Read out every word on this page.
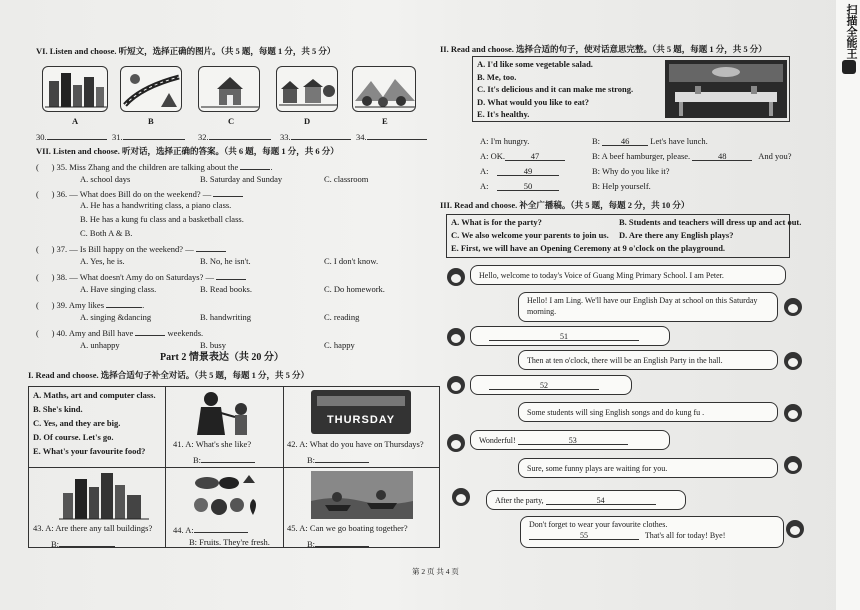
VI. Listen and choose. 听短文，选择正确的图片。（共 5 题，每题 1 分，共 5 分）
A	B	C	D	E
30.	31.	32.	33.	34.
VII. Listen and choose. 听对话，选择正确的答案。（共 6 题，每题 1 分，共 6 分）
(      ) 35. Miss Zhang and the children are talking about the	.
A. school days	B. Saturday and Sunday	C. classroom
(      ) 36. — What does Bill do on the weekend? —
A. He has a handwriting class, a piano class.
B. He has a kung fu class and a basketball class.
C. Both A & B.
(      ) 37. — Is Bill happy on the weekend? —
A. Yes, he is.	B. No, he isn't.	C. I don't know.
(      ) 38. — What doesn't Amy do on Saturdays? —
A. Have singing class.	B. Read books.	C. Do homework.
(      ) 39. Amy likes	.
A. singing &dancing	B. handwriting	C. reading
(      ) 40. Amy and Bill have	weekends.
A. unhappy	B. busy	C. happy
Part 2 情景表达（共 20 分）
I. Read and choose. 选择合适句子补全对话。（共 5 题，每题 1 分，共 5 分）
A. Maths, art and computer class.
B. She's kind.
C. Yes, and they are big.
D. Of course. Let's go.
E. What's your favourite food?
41. A: What's she like?
B:
THURSDAY
42. A: What do you have on Thursdays?
B:
43. A: Are there any tall buildings?
B:
44. A:
B: Fruits. They're fresh.
45. A: Can we go boating together?
B:
II. Read and choose. 选择合适的句子，使对话意思完整。（共 5 题，每题 1 分，共 5 分）
A. I'd like some vegetable salad.
B. Me, too.
C. It's delicious and it can make me strong.
D. What would you like to eat?
E. It's healthy.
A: I'm hungry.	B: 46 Let's have lunch.
A: OK.	47	B: A beef hamburger, please.	48	And you?
A:	49	B: Why do you like it?
A:	50	B: Help yourself.
III. Read and choose. 补全广播稿。（共 5 题，每题 2 分，共 10 分）
A. What is for the party?	B. Students and teachers will dress up and act out.
C. We also welcome your parents to join us. D. Are there any English plays?
E. First, we will have an Opening Ceremony at 9 o'clock on the playground.
Hello, welcome to today's Voice of Guang Ming Primary School. I am Peter.
Hello! I am Ling. We'll have our English Day at school on this Saturday morning.
51
Then at ten o'clock, there will be an English Party in the hall.
52
Some students will sing English songs and do kung fu .
Wonderful!	53
Sure, some funny plays are waiting for you.
After the party,	54
Don't forget to wear your favourite clothes.
55	That's all for today! Bye!
第 2 页 共 4 页
扫描全能王
